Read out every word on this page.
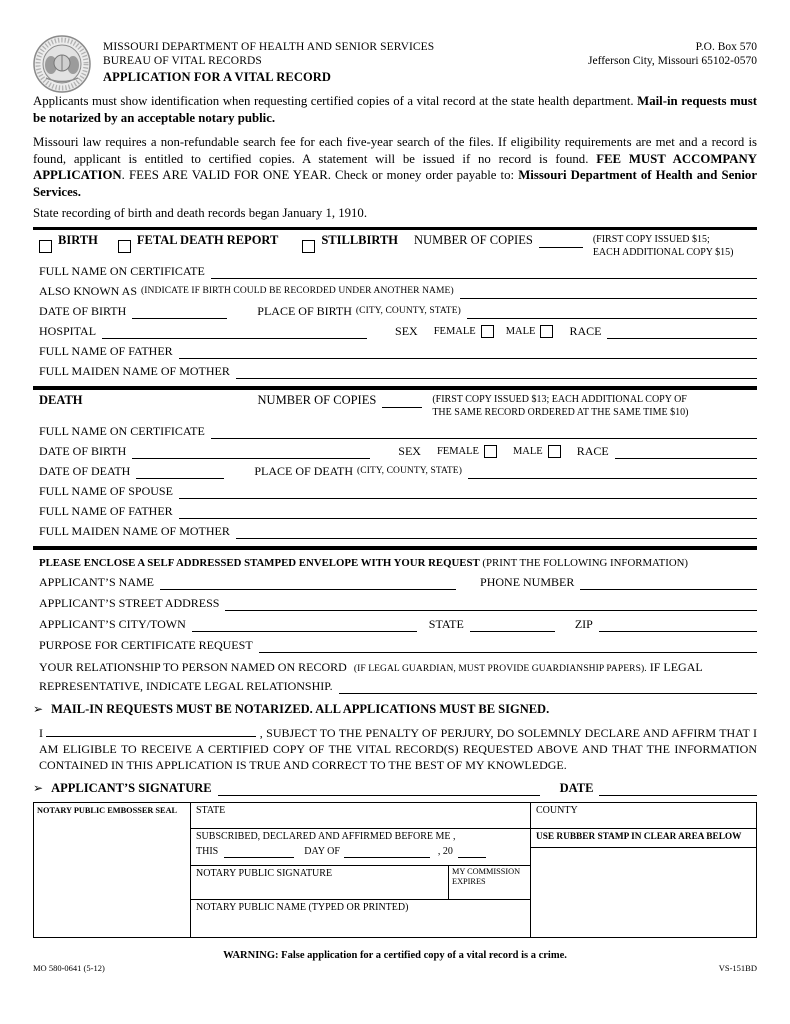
MISSOURI DEPARTMENT OF HEALTH AND SENIOR SERVICES
BUREAU OF VITAL RECORDS
APPLICATION FOR A VITAL RECORD
P.O. Box 570
Jefferson City, Missouri 65102-0570

Applicants must show identification when requesting certified copies of a vital record at the state health department. Mail-in requests must be notarized by an acceptable notary public.

Missouri law requires a non-refundable search fee for each five-year search of the files. If eligibility requirements are met and a record is found, applicant is entitled to certified copies. A statement will be issued if no record is found. FEE MUST ACCOMPANY APPLICATION. FEES ARE VALID FOR ONE YEAR. Check or money order payable to: Missouri Department of Health and Senior Services.

State recording of birth and death records began January 1, 1910.

BIRTH	FETAL DEATH REPORT	STILLBIRTH NUMBER OF COPIES	(FIRST COPY ISSUED $15;
EACH ADDITIONAL COPY $15)
FULL NAME ON CERTIFICATE
ALSO KNOWN AS (INDICATE IF BIRTH COULD BE RECORDED UNDER ANOTHER NAME)
DATE OF BIRTH	PLACE OF BIRTH (CITY, COUNTY, STATE)
HOSPITAL	SEX FEMALE	MALE	RACE
FULL NAME OF FATHER
FULL MAIDEN NAME OF MOTHER
DEATH	NUMBER OF COPIES	(FIRST COPY ISSUED $13; EACH ADDITIONAL COPY OF
THE SAME RECORD ORDERED AT THE SAME TIME $10)
FULL NAME ON CERTIFICATE
DATE OF BIRTH	SEX FEMALE	MALE	RACE
DATE OF DEATH	PLACE OF DEATH (CITY, COUNTY, STATE)
FULL NAME OF SPOUSE
FULL NAME OF FATHER
FULL MAIDEN NAME OF MOTHER
PLEASE ENCLOSE A SELF ADDRESSED STAMPED ENVELOPE WITH YOUR REQUEST (PRINT THE FOLLOWING INFORMATION)
APPLICANT’S NAME	PHONE NUMBER
APPLICANT’S STREET ADDRESS
APPLICANT’S CITY/TOWN	STATE	ZIP
PURPOSE FOR CERTIFICATE REQUEST
YOUR RELATIONSHIP TO PERSON NAMED ON RECORD (IF LEGAL GUARDIAN, MUST PROVIDE GUARDIANSHIP PAPERS). IF LEGAL
REPRESENTATIVE, INDICATE LEGAL RELATIONSHIP.
➢ MAIL-IN REQUESTS MUST BE NOTARIZED. ALL APPLICATIONS MUST BE SIGNED.
I	, SUBJECT TO THE PENALTY OF PERJURY, DO SOLEMNLY DECLARE AND AFFIRM THAT I AM ELIGIBLE TO RECEIVE A CERTIFIED COPY OF THE VITAL RECORD(S) REQUESTED ABOVE AND THAT THE INFORMATION CONTAINED IN THIS APPLICATION IS TRUE AND CORRECT TO THE BEST OF MY KNOWLEDGE.
➢ APPLICANT’S SIGNATURE	DATE
NOTARY PUBLIC EMBOSSER SEAL	STATE
SUBSCRIBED, DECLARED AND AFFIRMED BEFORE ME ,
THIS	DAY OF	, 20
NOTARY PUBLIC SIGNATURE	MY COMMISSION EXPIRES
NOTARY PUBLIC NAME (TYPED OR PRINTED)
COUNTY
USE RUBBER STAMP IN CLEAR AREA BELOW
WARNING: False application for a certified copy of a vital record is a crime.
MO 580-0641 (5-12)	VS-151BD
